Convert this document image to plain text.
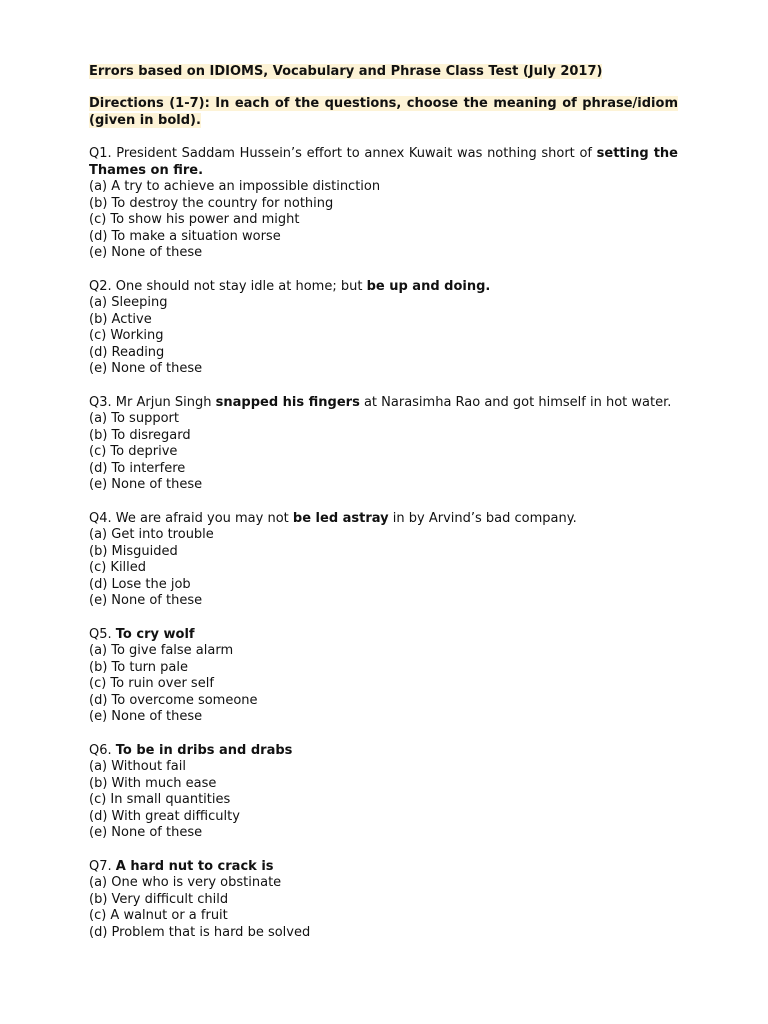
Errors based on IDIOMS, Vocabulary and Phrase Class Test (July 2017)
Directions (1-7): In each of the questions, choose the meaning of phrase/idiom (given in bold).

Q1. President Saddam Hussein’s effort to annex Kuwait was nothing short of setting the Thames on fire.

(a) A try to achieve an impossible distinction
(b) To destroy the country for nothing
(c) To show his power and might
(d) To make a situation worse
(e) None of these

Q2. One should not stay idle at home; but be up and doing.

(a) Sleeping
(b) Active
(c) Working
(d) Reading
(e) None of these

Q3. Mr Arjun Singh snapped his fingers at Narasimha Rao and got himself in hot water.

(a) To support
(b) To disregard
(c) To deprive
(d) To interfere
(e) None of these

Q4. We are afraid you may not be led astray in by Arvind’s bad company.

(a) Get into trouble
(b) Misguided
(c) Killed
(d) Lose the job
(e) None of these

Q5. To cry wolf

(a) To give false alarm
(b) To turn pale
(c) To ruin over self
(d) To overcome someone
(e) None of these

Q6. To be in dribs and drabs

(a) Without fail
(b) With much ease
(c) In small quantities
(d) With great difficulty
(e) None of these

Q7. A hard nut to crack is

(a) One who is very obstinate
(b) Very difficult child
(c) A walnut or a fruit
(d) Problem that is hard be solved
